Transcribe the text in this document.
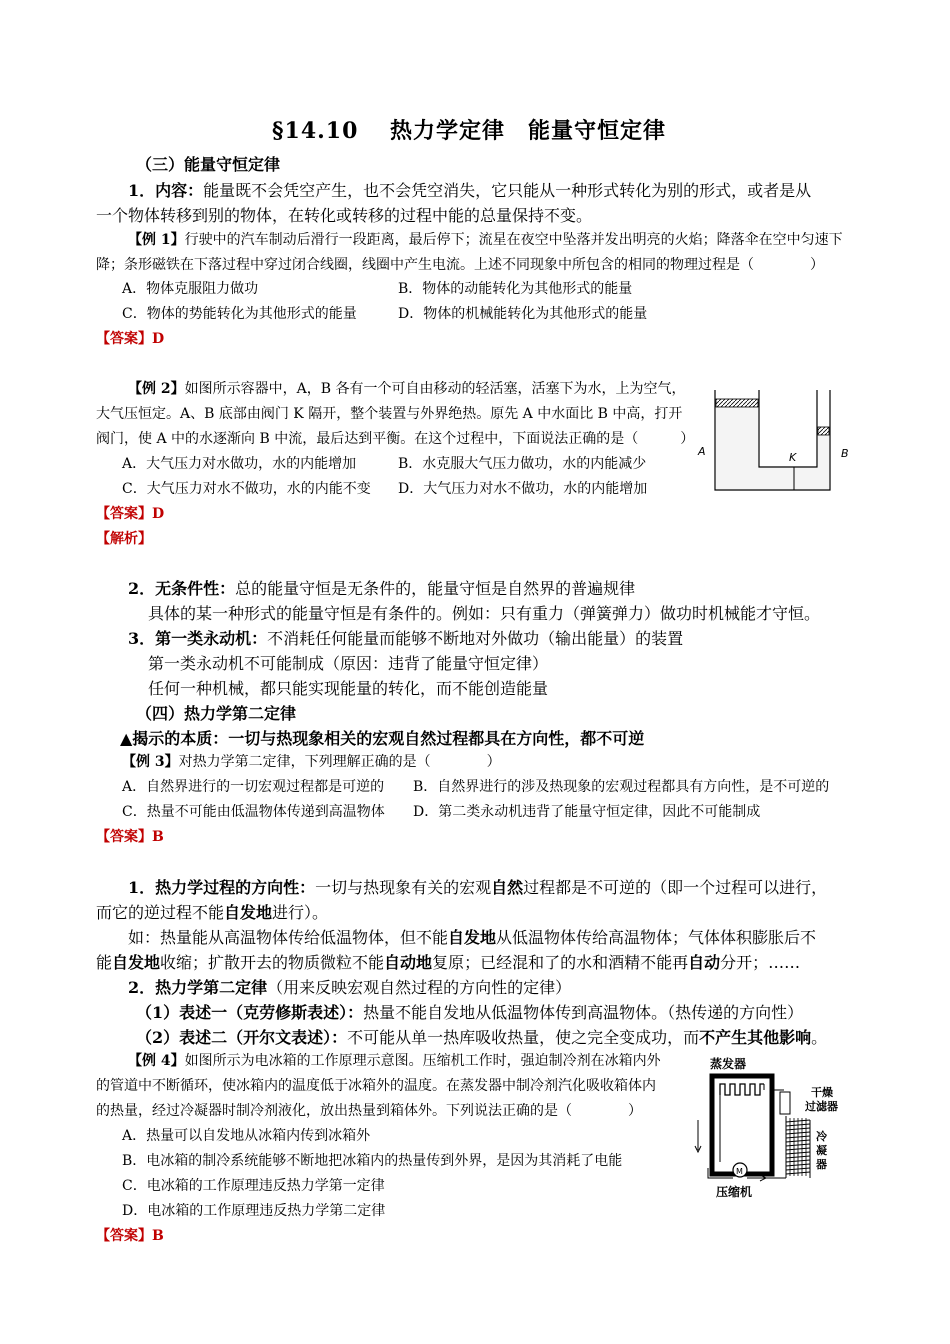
§14.10　 热力学定律　能量守恒定律
（三）能量守恒定律
1．内容：能量既不会凭空产生，也不会凭空消失，它只能从一种形式转化为别的形式，或者是从
一个物体转移到别的物体，在转化或转移的过程中能的总量保持不变。
【例 1】行驶中的汽车制动后滑行一段距离，最后停下；流星在夜空中坠落并发出明亮的火焰；降落伞在空中匀速下
降；条形磁铁在下落过程中穿过闭合线圈，线圈中产生电流。上述不同现象中所包含的相同的物理过程是（　　　　）
A．物体克服阻力做功	B．物体的动能转化为其他形式的能量
C．物体的势能转化为其他形式的能量	D．物体的机械能转化为其他形式的能量
【答案】D
【例 2】如图所示容器中，A，B 各有一个可自由移动的轻活塞，活塞下为水，上为空气，
大气压恒定。A、B 底部由阀门 K 隔开，整个装置与外界绝热。原先 A 中水面比 B 中高，打开
阀门，使 A 中的水逐渐向 B 中流，最后达到平衡。在这个过程中，下面说法正确的是（　　　）
A．大气压力对水做功，水的内能增加	B．水克服大气压力做功，水的内能减少
C．大气压力对水不做功，水的内能不变 D．大气压力对水不做功，水的内能增加
【答案】D
【解析】
K
A	B
2．无条件性：总的能量守恒是无条件的，能量守恒是自然界的普遍规律
具体的某一种形式的能量守恒是有条件的。例如：只有重力（弹簧弹力）做功时机械能才守恒。
3．第一类永动机：不消耗任何能量而能够不断地对外做功（输出能量）的装置
第一类永动机不可能制成（原因：违背了能量守恒定律）
任何一种机械，都只能实现能量的转化，而不能创造能量
（四）热力学第二定律
▲揭示的本质：一切与热现象相关的宏观自然过程都具在方向性，都不可逆
【例 3】对热力学第二定律，下列理解正确的是（　　　　）
A．自然界进行的一切宏观过程都是可逆的 B．自然界进行的涉及热现象的宏观过程都具有方向性，是不可逆的
C．热量不可能由低温物体传递到高温物体 D．第二类永动机违背了能量守恒定律，因此不可能制成
【答案】B
1．热力学过程的方向性：一切与热现象有关的宏观自然过程都是不可逆的（即一个过程可以进行，
而它的逆过程不能自发地进行）。
如：热量能从高温物体传给低温物体，但不能自发地从低温物体传给高温物体；气体体积膨胀后不
能自发地收缩；扩散开去的物质微粒不能自动地复原；已经混和了的水和酒精不能再自动分开；……
2．热力学第二定律（用来反映宏观自然过程的方向性的定律）
（1）表述一（克劳修斯表述）：热量不能自发地从低温物体传到高温物体。（热传递的方向性）
（2）表述二（开尔文表述）：不可能从单一热库吸收热量，使之完全变成功，而不产生其他影响。
【例 4】如图所示为电冰箱的工作原理示意图。压缩机工作时，强迫制冷剂在冰箱内外
的管道中不断循环，使冰箱内的温度低于冰箱外的温度。在蒸发器中制冷剂汽化吸收箱体内
的热量，经过冷凝器时制冷剂液化，放出热量到箱体外。下列说法正确的是（　　　　）
A．热量可以自发地从冰箱内传到冰箱外
B．电冰箱的制冷系统能够不断地把冰箱内的热量传到外界，是因为其消耗了电能
C．电冰箱的工作原理违反热力学第一定律
D．电冰箱的工作原理违反热力学第二定律
【答案】B
蒸发器
干燥
过滤器
冷
凝
器
压缩机
M
